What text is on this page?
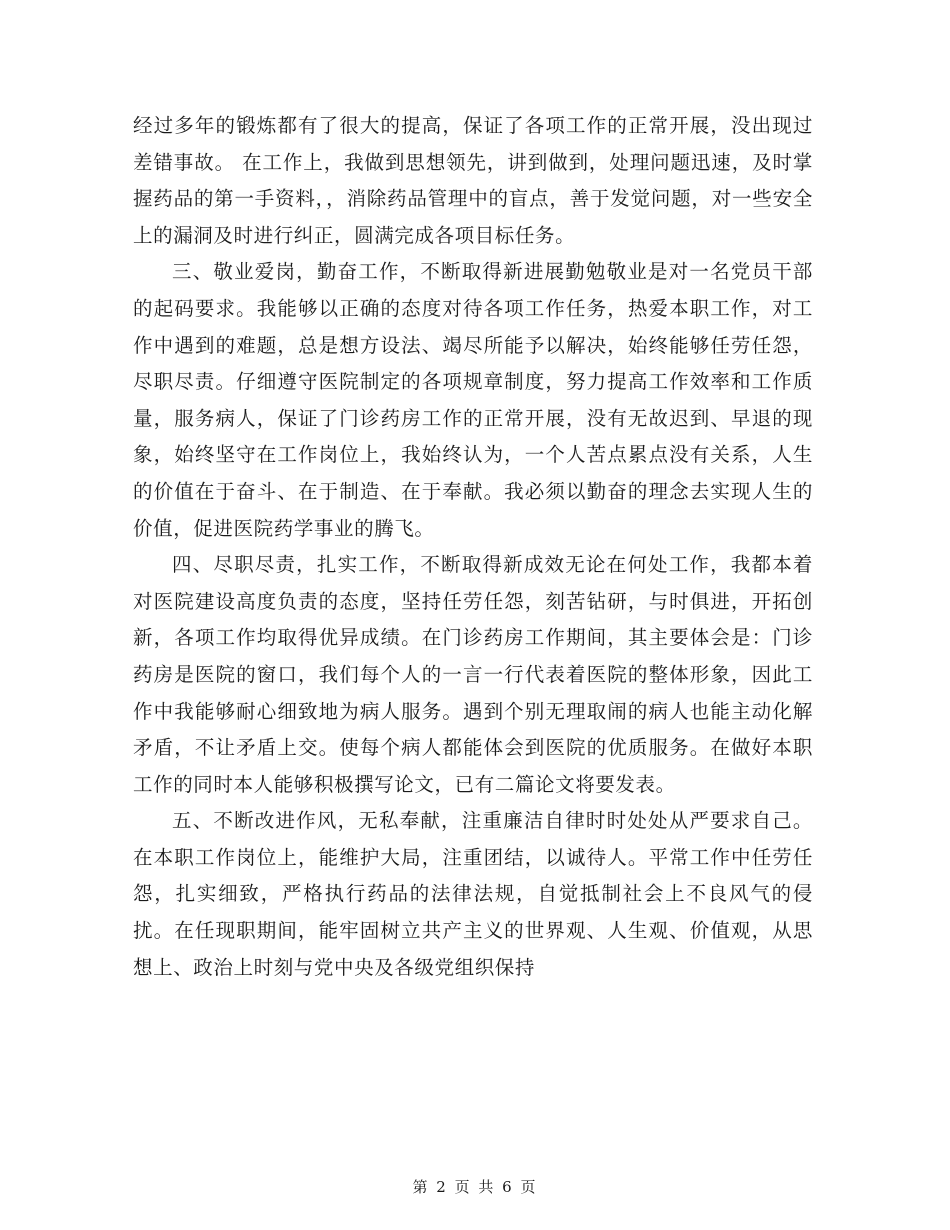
经过多年的锻炼都有了很大的提高，保证了各项工作的正常开展，没出现过差错事故。 在工作上，我做到思想领先，讲到做到，处理问题迅速，及时掌握药品的第一手资料，，消除药品管理中的盲点，善于发觉问题，对一些安全上的漏洞及时进行纠正，圆满完成各项目标任务。

三、敬业爱岗，勤奋工作，不断取得新进展勤勉敬业是对一名党员干部的起码要求。我能够以正确的态度对待各项工作任务，热爱本职工作，对工作中遇到的难题，总是想方设法、竭尽所能予以解决，始终能够任劳任怨，尽职尽责。仔细遵守医院制定的各项规章制度，努力提高工作效率和工作质量，服务病人，保证了门诊药房工作的正常开展，没有无故迟到、早退的现象，始终坚守在工作岗位上，我始终认为，一个人苦点累点没有关系，人生的价值在于奋斗、在于制造、在于奉献。我必须以勤奋的理念去实现人生的价值，促进医院药学事业的腾飞。

四、尽职尽责，扎实工作，不断取得新成效无论在何处工作，我都本着对医院建设高度负责的态度，坚持任劳任怨，刻苦钻研，与时俱进，开拓创新，各项工作均取得优异成绩。在门诊药房工作期间，其主要体会是：门诊药房是医院的窗口，我们每个人的一言一行代表着医院的整体形象，因此工作中我能够耐心细致地为病人服务。遇到个别无理取闹的病人也能主动化解矛盾，不让矛盾上交。使每个病人都能体会到医院的优质服务。在做好本职工作的同时本人能够积极撰写论文，已有二篇论文将要发表。

五、不断改进作风，无私奉献，注重廉洁自律时时处处从严要求自己。在本职工作岗位上，能维护大局，注重团结，以诚待人。平常工作中任劳任怨，扎实细致，严格执行药品的法律法规，自觉抵制社会上不良风气的侵扰。在任现职期间，能牢固树立共产主义的世界观、人生观、价值观，从思想上、政治上时刻与党中央及各级党组织保持

第 2 页 共 6 页
